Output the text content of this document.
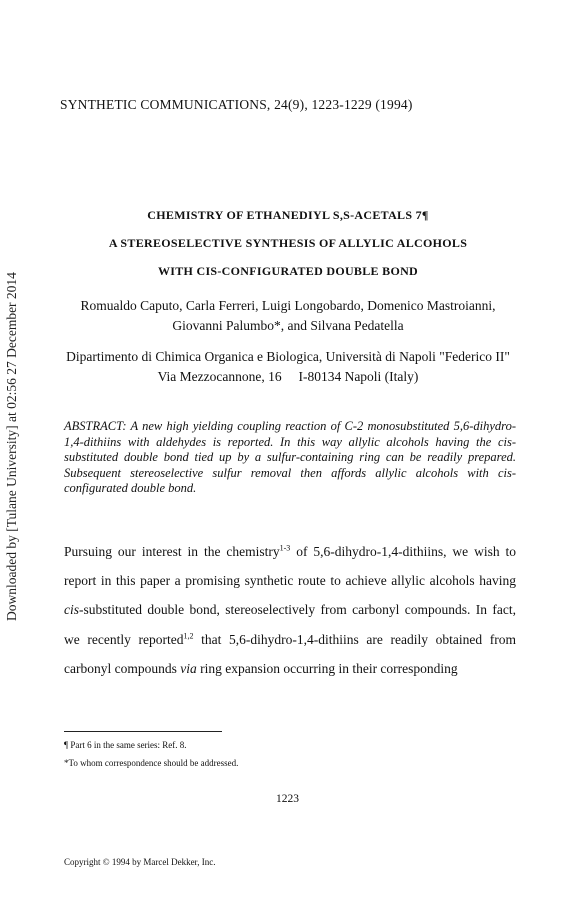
Downloaded by [Tulane University] at 02:56 27 December 2014
SYNTHETIC COMMUNICATIONS, 24(9), 1223-1229 (1994)
CHEMISTRY OF ETHANEDIYL S,S-ACETALS 7¶
A STEREOSELECTIVE SYNTHESIS OF ALLYLIC ALCOHOLS
WITH CIS-CONFIGURATED DOUBLE BOND
Romualdo Caputo, Carla Ferreri, Luigi Longobardo, Domenico Mastroianni,
Giovanni Palumbo*, and Silvana Pedatella
Dipartimento di Chimica Organica e Biologica, Università di Napoli "Federico II"
Via Mezzocannone, 16     I-80134 Napoli (Italy)
ABSTRACT: A new high yielding coupling reaction of C-2 monosubstituted 5,6-dihydro-1,4-dithiins with aldehydes is reported. In this way allylic alcohols having the cis-substituted double bond tied up by a sulfur-containing ring can be readily prepared. Subsequent stereoselective sulfur removal then affords allylic alcohols with cis-configurated double bond.

Pursuing our interest in the chemistry$^{1-3}$ of 5,6-dihydro-1,4-dithiins, we wish to report in this paper a promising synthetic route to achieve allylic alcohols having cis-substituted double bond, stereoselectively from carbonyl compounds. In fact, we recently reported$^{1,2}$ that 5,6-dihydro-1,4-dithiins are readily obtained from carbonyl compounds via ring expansion occurring in their corresponding

¶ Part 6 in the same series: Ref. 8.
*To whom correspondence should be addressed.
1223
Copyright © 1994 by Marcel Dekker, Inc.
